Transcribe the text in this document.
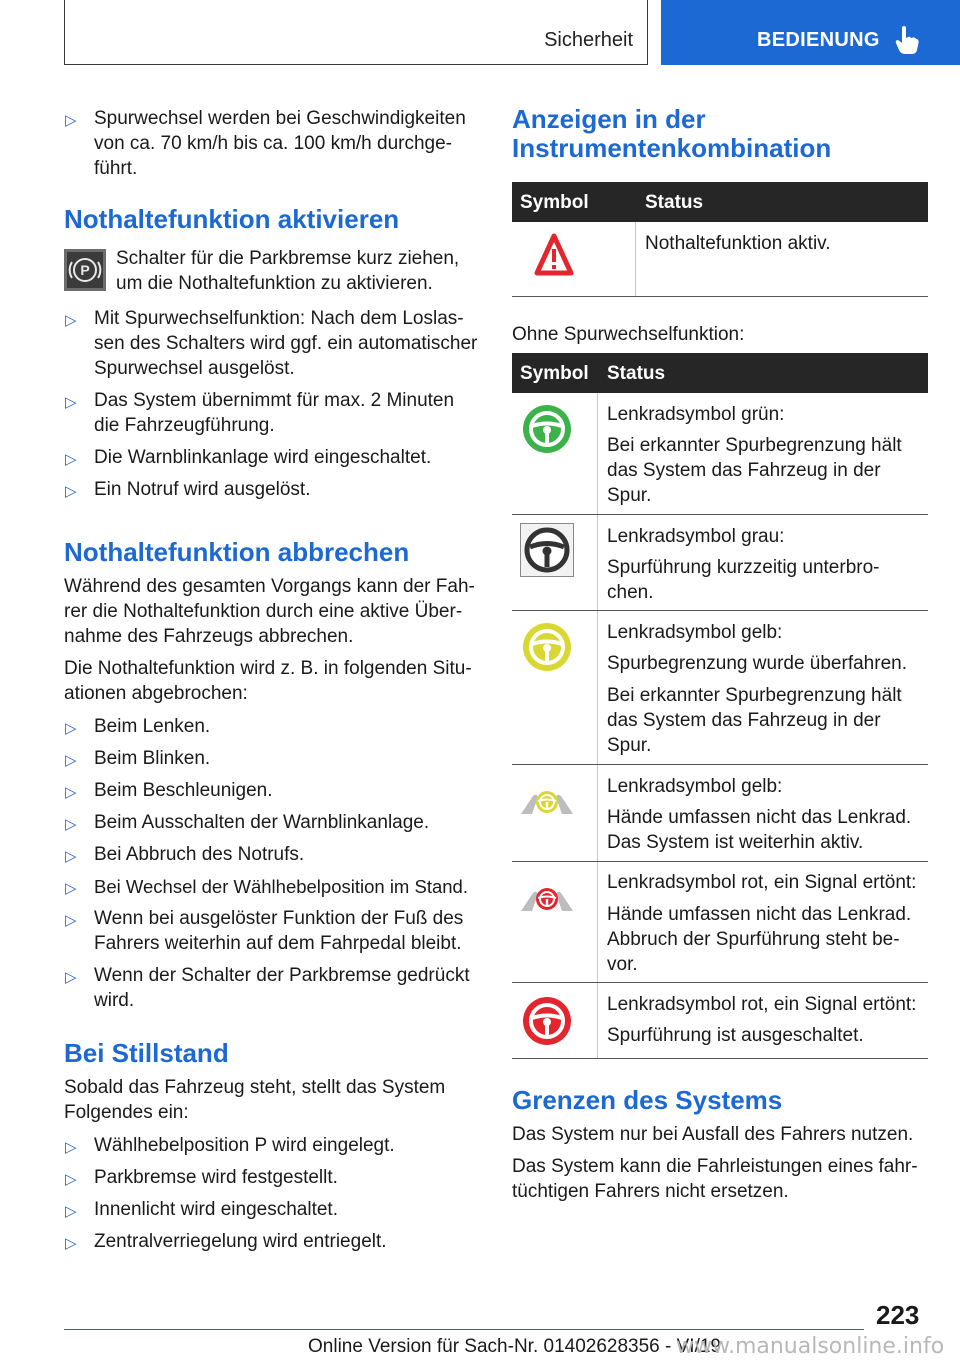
Sicherheit	BEDIENUNG
▷ Spurwechsel werden bei Geschwindigkeiten
von ca. 70 km/h bis ca. 100 km/h durchge-
führt.
Nothaltefunktion aktivieren
P
Schalter für die Parkbremse kurz ziehen,
um die Nothaltefunktion zu aktivieren.
▷ Mit Spurwechselfunktion: Nach dem Loslas-
sen des Schalters wird ggf. ein automatischer
Spurwechsel ausgelöst.
▷ Das System übernimmt für max. 2 Minuten
die Fahrzeugführung.
▷ Die Warnblinkanlage wird eingeschaltet.
▷ Ein Notruf wird ausgelöst.
Nothaltefunktion abbrechen
Während des gesamten Vorgangs kann der Fah-
rer die Nothaltefunktion durch eine aktive Über-
nahme des Fahrzeugs abbrechen.
Die Nothaltefunktion wird z. B. in folgenden Situ-
ationen abgebrochen:
▷ Beim Lenken.
▷ Beim Blinken.
▷ Beim Beschleunigen.
▷ Beim Ausschalten der Warnblinkanlage.
▷ Bei Abbruch des Notrufs.
▷ Bei Wechsel der Wählhebelposition im Stand.
▷ Wenn bei ausgelöster Funktion der Fuß des
Fahrers weiterhin auf dem Fahrpedal bleibt.
▷ Wenn der Schalter der Parkbremse gedrückt
wird.
Bei Stillstand
Sobald das Fahrzeug steht, stellt das System
Folgendes ein:
▷ Wählhebelposition P wird eingelegt.
▷ Parkbremse wird festgestellt.
▷ Innenlicht wird eingeschaltet.
▷ Zentralverriegelung wird entriegelt.
Anzeigen in der
Instrumentenkombination
Symbol	Status
Nothaltefunktion aktiv.
Ohne Spurwechselfunktion:
Symbol Status
Lenkradsymbol grün:
Bei erkannter Spurbegrenzung hält
das System das Fahrzeug in der
Spur.
Lenkradsymbol grau:
Spurführung kurzzeitig unterbro-
chen.
Lenkradsymbol gelb:
Spurbegrenzung wurde überfahren.
Bei erkannter Spurbegrenzung hält
das System das Fahrzeug in der
Spur.
Lenkradsymbol gelb:
Hände umfassen nicht das Lenkrad.
Das System ist weiterhin aktiv.
Lenkradsymbol rot, ein Signal ertönt:
Hände umfassen nicht das Lenkrad.
Abbruch der Spurführung steht be-
vor.
Lenkradsymbol rot, ein Signal ertönt:
Spurführung ist ausgeschaltet.
Grenzen des Systems
Das System nur bei Ausfall des Fahrers nutzen.
Das System kann die Fahrleistungen eines fahr-
tüchtigen Fahrers nicht ersetzen.
223
Online Version für Sach-Nr. 01402628356 - VI/19
www.manualsonline.info
